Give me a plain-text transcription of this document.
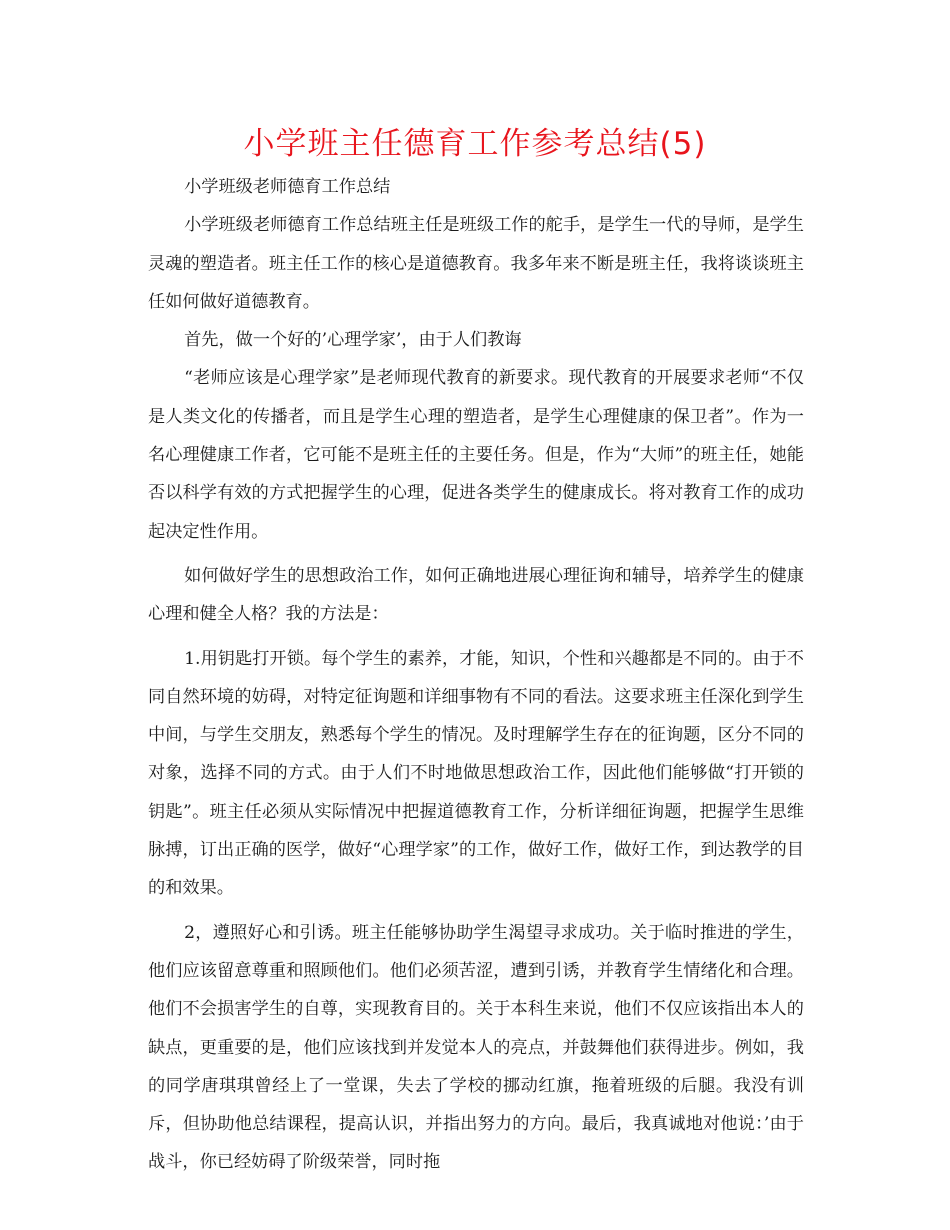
小学班主任德育工作参考总结(5)

小学班级老师德育工作总结

小学班级老师德育工作总结班主任是班级工作的舵手，是学生一代的导师，是学生灵魂的塑造者。班主任工作的核心是道德教育。我多年来不断是班主任，我将谈谈班主任如何做好道德教育。

首先，做一个好的’心理学家’，由于人们教诲

“老师应该是心理学家”是老师现代教育的新要求。现代教育的开展要求老师“不仅是人类文化的传播者，而且是学生心理的塑造者，是学生心理健康的保卫者”。作为一名心理健康工作者，它可能不是班主任的主要任务。但是，作为“大师”的班主任，她能否以科学有效的方式把握学生的心理，促进各类学生的健康成长。将对教育工作的成功起决定性作用。

如何做好学生的思想政治工作，如何正确地进展心理征询和辅导，培养学生的健康心理和健全人格？我的方法是：

1.用钥匙打开锁。每个学生的素养，才能，知识，个性和兴趣都是不同的。由于不同自然环境的妨碍，对特定征询题和详细事物有不同的看法。这要求班主任深化到学生中间，与学生交朋友，熟悉每个学生的情况。及时理解学生存在的征询题，区分不同的对象，选择不同的方式。由于人们不时地做思想政治工作，因此他们能够做“打开锁的钥匙”。班主任必须从实际情况中把握道德教育工作，分析详细征询题，把握学生思维脉搏，订出正确的医学，做好“心理学家”的工作，做好工作，做好工作，到达教学的目的和效果。

2，遵照好心和引诱。班主任能够协助学生渴望寻求成功。关于临时推进的学生，他们应该留意尊重和照顾他们。他们必须苦涩，遭到引诱，并教育学生情绪化和合理。他们不会损害学生的自尊，实现教育目的。关于本科生来说，他们不仅应该指出本人的缺点，更重要的是，他们应该找到并发觉本人的亮点，并鼓舞他们获得进步。例如，我的同学唐琪琪曾经上了一堂课，失去了学校的挪动红旗，拖着班级的后腿。我没有训斥，但协助他总结课程，提高认识，并指出努力的方向。最后，我真诚地对他说：’由于战斗，你已经妨碍了阶级荣誉，同时拖
